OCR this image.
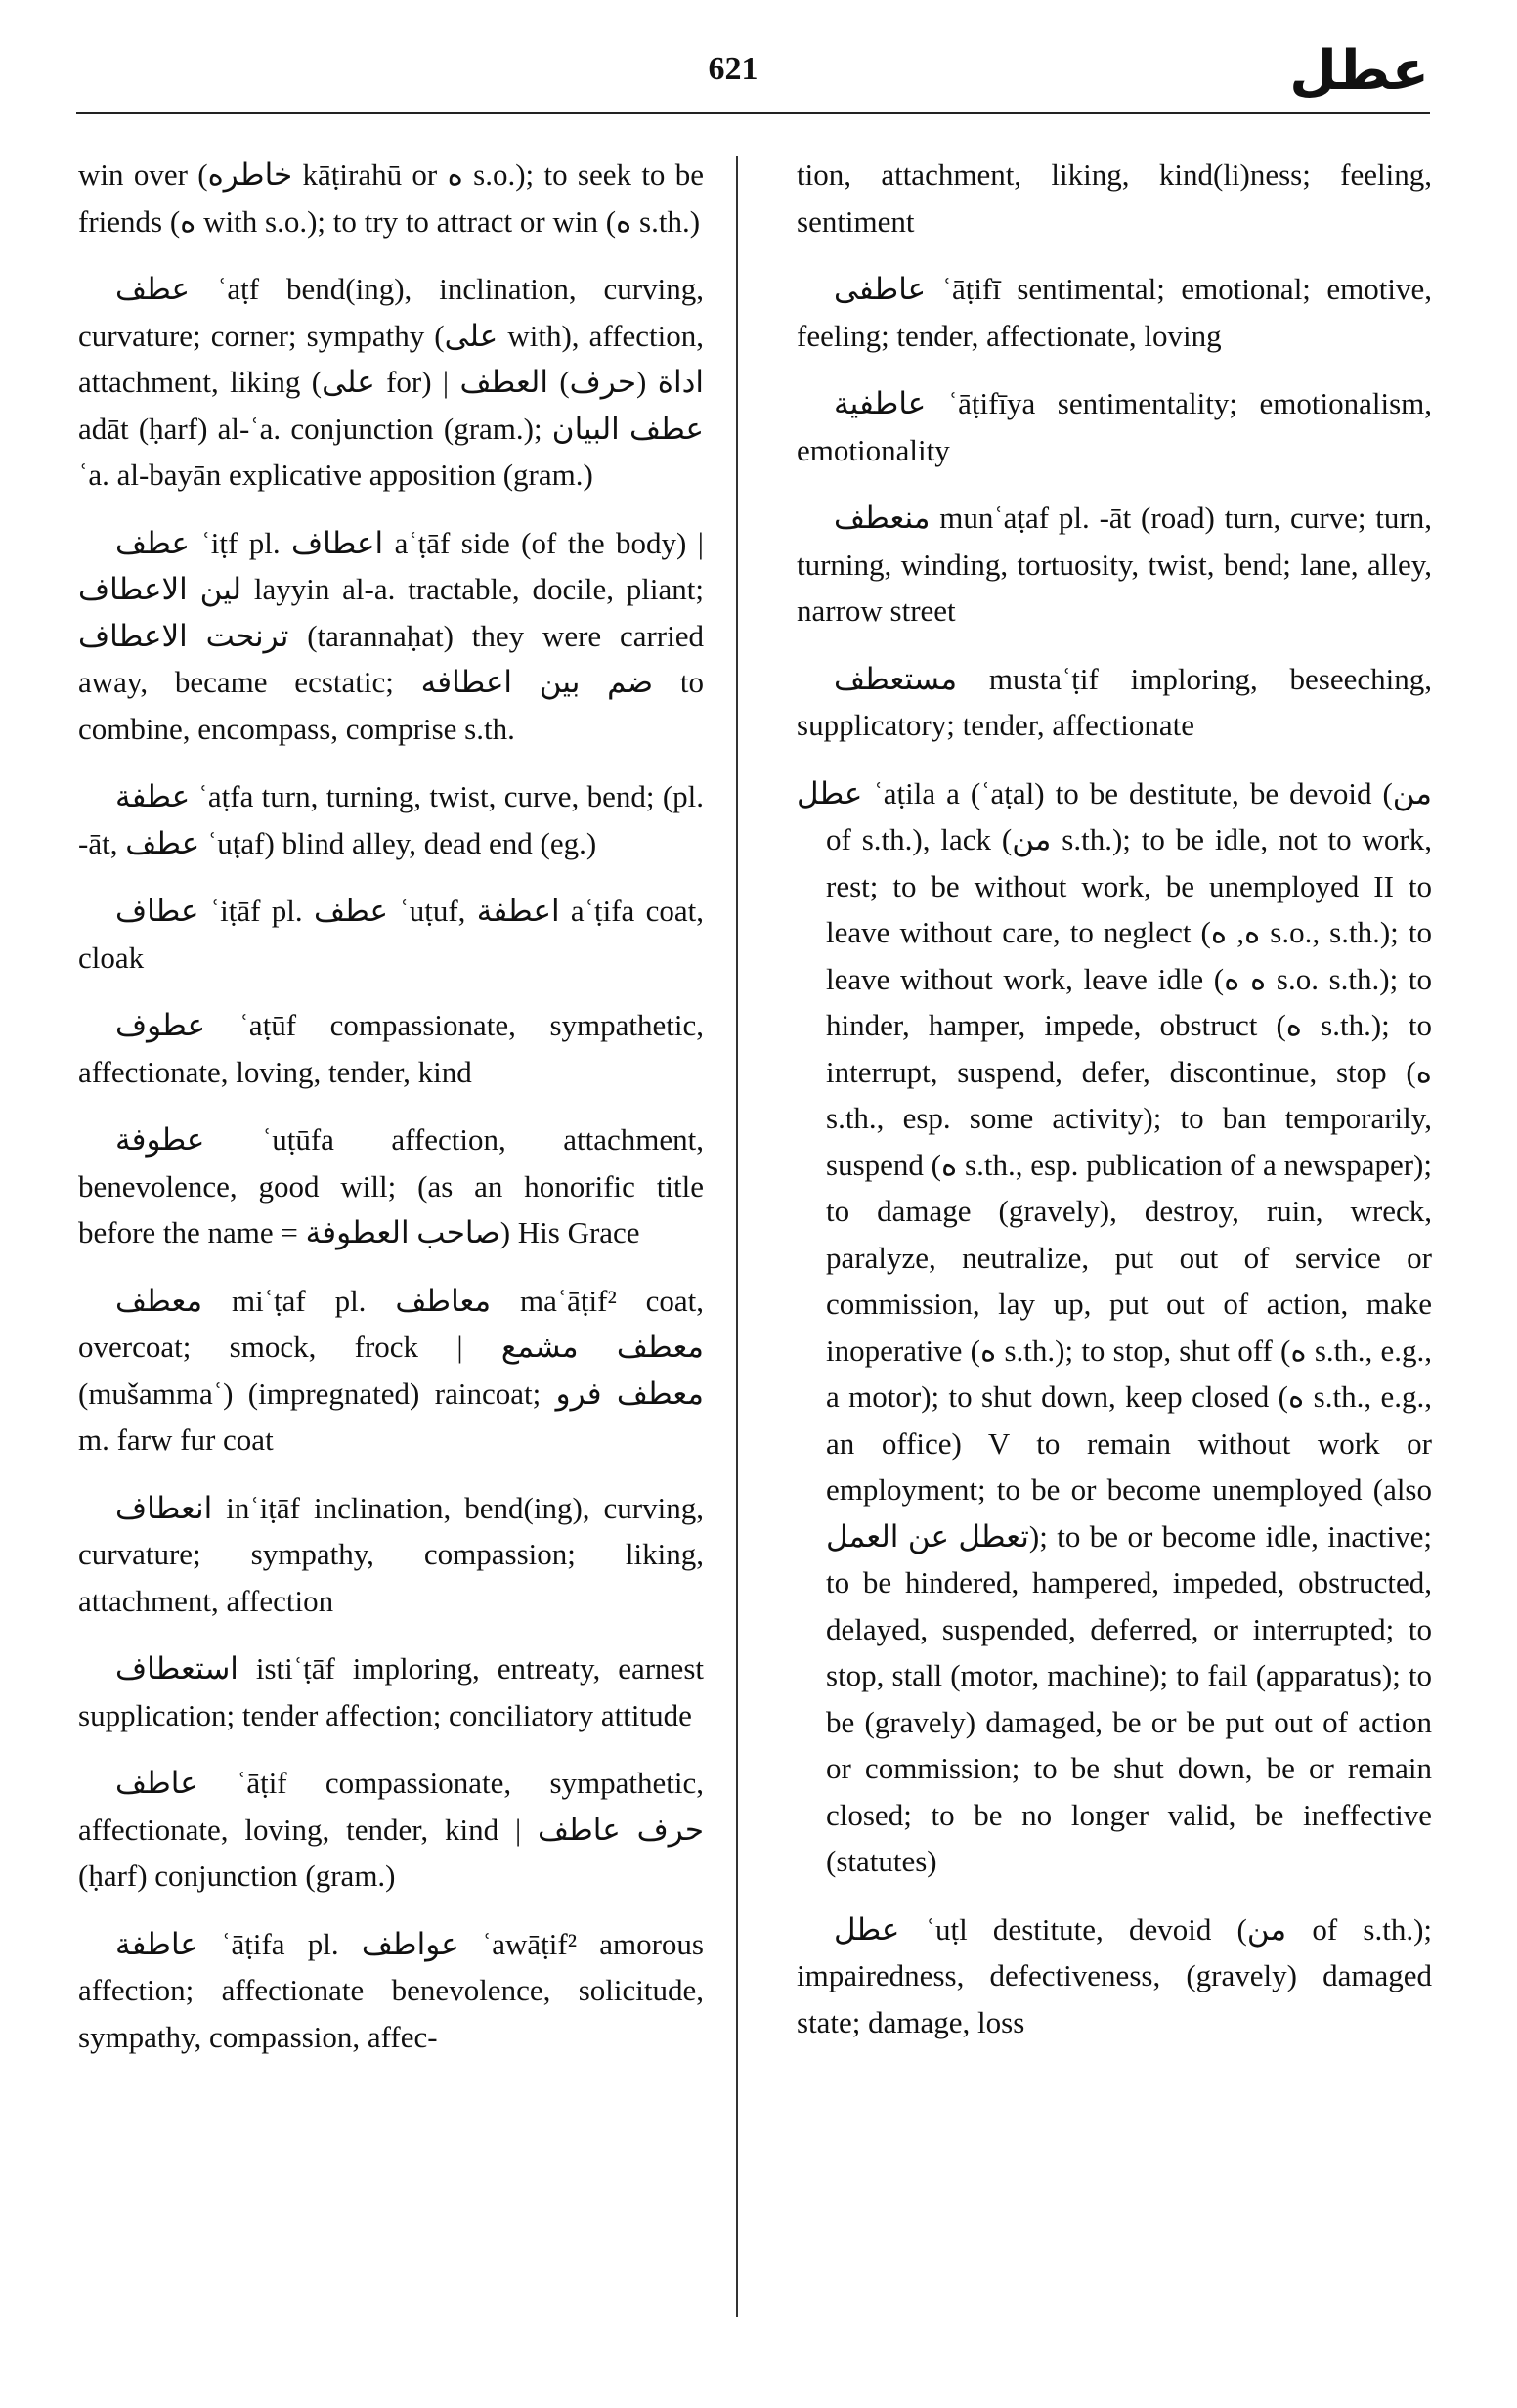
621	عطل

win over (خاطره kāṭirahū or ه s.o.); to seek to be friends (ه with s.o.); to try to attract or win (ه s.th.)

عطف ʿaṭf bend(ing), inclination, curving, curvature; corner; sympathy (على with), affection, attachment, liking (على for) | اداة (حرف) العطف adāt (ḥarf) al-ʿa. conjunction (gram.); عطف البيان ʿa. al-bayān explicative apposition (gram.)

عطف ʿiṭf pl. اعطاف aʿṭāf side (of the body) | لين الاعطاف layyin al-a. tractable, docile, pliant; ترنحت الاعطاف (tarannaḥat) they were carried away, became ecstatic; ضم بين اعطافه to combine, encompass, comprise s.th.

عطفة ʿaṭfa turn, turning, twist, curve, bend; (pl. -āt, عطف ʿuṭaf) blind alley, dead end (eg.)

عطاف ʿiṭāf pl. عطف ʿuṭuf, اعطفة aʿṭifa coat, cloak

عطوف ʿaṭūf compassionate, sympathetic, affectionate, loving, tender, kind

عطوفة ʿuṭūfa affection, attachment, benevolence, good will; (as an honorific title before the name = صاحب العطوفة) His Grace

معطف miʿṭaf pl. معاطف maʿāṭif² coat, overcoat; smock, frock | معطف مشمع (mušammaʿ) (impregnated) raincoat; معطف فرو m. farw fur coat

انعطاف inʿiṭāf inclination, bend(ing), curving, curvature; sympathy, compassion; liking, attachment, affection

استعطاف istiʿṭāf imploring, entreaty, earnest supplication; tender affection; conciliatory attitude

عاطف ʿāṭif compassionate, sympathetic, affectionate, loving, tender, kind | حرف عاطف (ḥarf) conjunction (gram.)

عاطفة ʿāṭifa pl. عواطف ʿawāṭif² amorous affection; affectionate benevolence, solicitude, sympathy, compassion, affec-

tion, attachment, liking, kind(li)ness; feeling, sentiment

عاطفى ʿāṭifī sentimental; emotional; emotive, feeling; tender, affectionate, loving

عاطفية ʿāṭifīya sentimentality; emotionalism, emotionality

منعطف munʿaṭaf pl. -āt (road) turn, curve; turn, turning, winding, tortuosity, twist, bend; lane, alley, narrow street

مستعطف mustaʿṭif imploring, beseeching, supplicatory; tender, affectionate

عطل ʿaṭila a (ʿaṭal) to be destitute, be devoid (من of s.th.), lack (من s.th.); to be idle, not to work, rest; to be without work, be unemployed II to leave without care, to neglect (ه, ه s.o., s.th.); to leave without work, leave idle (ه ه s.o. s.th.); to hinder, hamper, impede, obstruct (ه s.th.); to interrupt, suspend, defer, discontinue, stop (ه s.th., esp. some activity); to ban temporarily, suspend (ه s.th., esp. publication of a newspaper); to damage (gravely), destroy, ruin, wreck, paralyze, neutralize, put out of service or commission, lay up, put out of action, make inoperative (ه s.th.); to stop, shut off (ه s.th., e.g., a motor); to shut down, keep closed (ه s.th., e.g., an office) V to remain without work or employment; to be or become unemployed (also تعطل عن العمل); to be or become idle, inactive; to be hindered, hampered, impeded, obstructed, delayed, suspended, deferred, or interrupted; to stop, stall (motor, machine); to fail (apparatus); to be (gravely) damaged, be or be put out of action or commission; to be shut down, be or remain closed; to be no longer valid, be ineffective (statutes)

عطل ʿuṭl destitute, devoid (من of s.th.); impairedness, defectiveness, (gravely) damaged state; damage, loss
